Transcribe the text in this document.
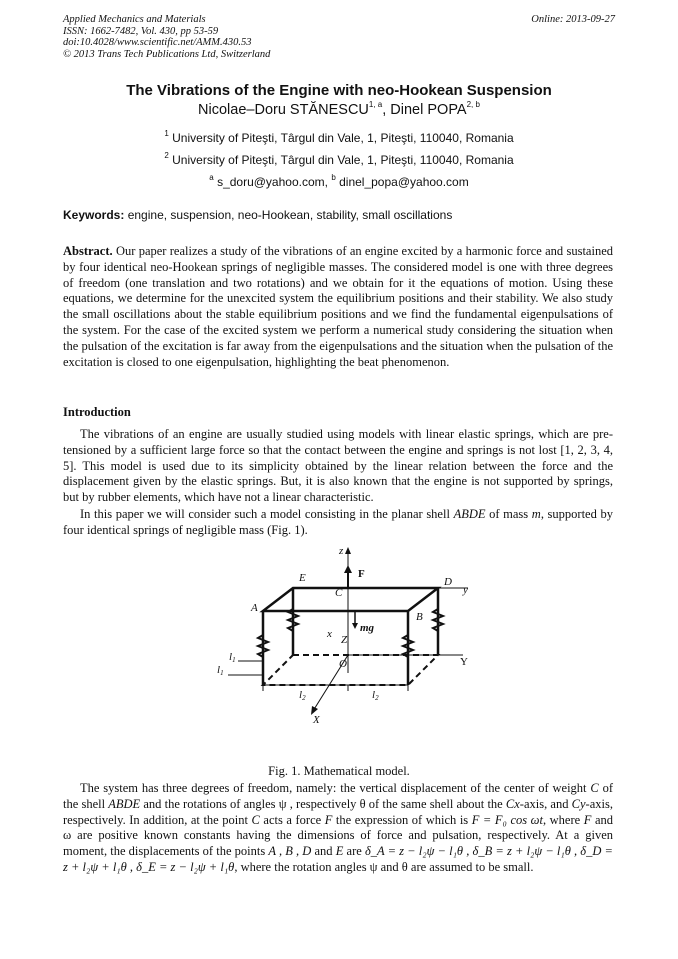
Applied Mechanics and Materials
ISSN: 1662-7482, Vol. 430, pp 53-59
doi:10.4028/www.scientific.net/AMM.430.53
© 2013 Trans Tech Publications Ltd, Switzerland
Online: 2013-09-27
The Vibrations of the Engine with neo-Hookean Suspension
Nicolae–Doru STĂNESCU$^{1, a}$, Dinel POPA$^{2, b}$
$^1$ University of Piteşti, Târgul din Vale, 1, Piteşti, 110040, Romania
$^2$ University of Piteşti, Târgul din Vale, 1, Piteşti, 110040, Romania
$^a$ s_doru@yahoo.com, $^b$ dinel_popa@yahoo.com
Keywords: engine, suspension, neo-Hookean, stability, small oscillations
Abstract. Our paper realizes a study of the vibrations of an engine excited by a harmonic force and sustained by four identical neo-Hookean springs of negligible masses. The considered model is one with three degrees of freedom (one translation and two rotations) and we obtain for it the equations of motion. Using these equations, we determine for the unexcited system the equilibrium positions and their stability. We also study the small oscillations about the stable equilibrium positions and we find the fundamental eigenpulsations of the system. For the case of the excited system we perform a numerical study considering the situation when the pulsation of the excitation is far away from the eigenpulsations and the situation when the pulsation of the excitation is closed to one eigenpulsation, highlighting the beat phenomenon.
Introduction
The vibrations of an engine are usually studied using models with linear elastic springs, which are pre-tensioned by a sufficient large force so that the contact between the engine and springs is not lost [1, 2, 3, 4, 5]. This model is used due to its simplicity obtained by the linear relation between the force and the displacement given by the elastic springs. But, it is also known that the engine is not supported by springs, but by rubber elements, which have not a linear characteristic.
In this paper we will consider such a model consisting in the planar shell ABDE of mass m, supported by four identical springs of negligible mass (Fig. 1).
z
F
E	D
y
C
A
B
mg
x Z
O	Y
X
l1
l1
l2	l2
Fig. 1. Mathematical model.
The system has three degrees of freedom, namely: the vertical displacement of the center of weight C of the shell ABDE and the rotations of angles ψ , respectively θ of the same shell about the Cx-axis, and Cy-axis, respectively. In addition, at the point C acts a force F the expression of which is F = F₀ cos ωt, where F and ω are positive known constants having the dimensions of force and pulsation, respectively. At a given moment, the displacements of the points A , B , D and E are δ_A = z − l₂ψ − l₁θ , δ_B = z + l₂ψ − l₁θ , δ_D = z + l₂ψ + l₁θ , δ_E = z − l₂ψ + l₁θ, where the rotation angles ψ and θ are assumed to be small.
